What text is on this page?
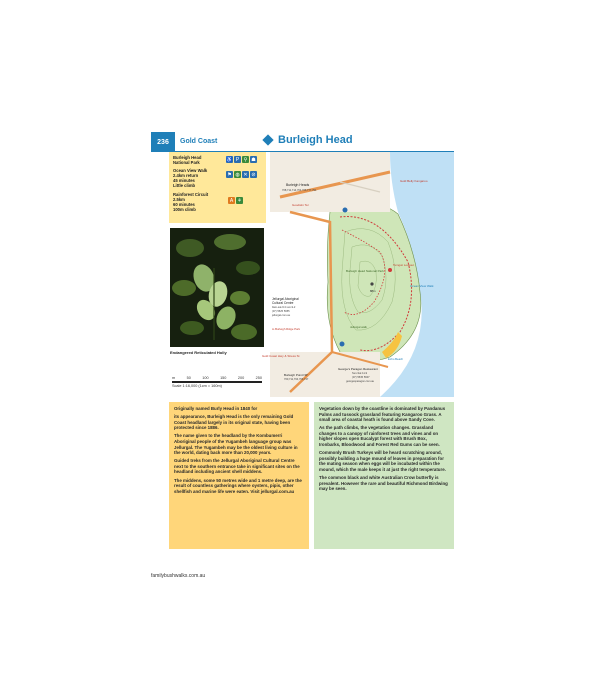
236	Gold Coast	Burleigh Head
Burleigh Head
National Park
Ocean View Walk
2.4km return
45 minutes
Little climb
Rainforest Circuit
2.5km
60 minutes
100m climb
♿ P ⚲ ☗
⚑ ◍ ✕ ⊘
A ⚘
Endangered Reticulated Holly
Burleigh Heads
708,711,714,764,766,777,791
Goodwin Ter
Gold Belly Kangaroo
Burleigh Head National Park
88m
Tumgun Lookout
Ocean View Walk
Jellurgal Aboriginal
Cultural Centre
9am-sat-9:4 sun-9-2
(07) 5525 5955
jellurgal.com.au
to Burleigh Ridge Park	Jellurgal walk
Gold Coast Hwy & Stress St
Burleigh Point NP
700,711,764,766,747
George's Paragon Restaurant
Sun-Sat 11-9
(07) 5535 5607
georgesparagon.com.au
Echo Beach
m	50	100	150	200	250
Scale 1:16,000 (1cm = 160m)
Originally named Burly Head in 1840 for
its appearance, Burleigh Head is the only remaining Gold Coast headland largely in its original state, having been protected since 1886.
The name given to the headland by the Kombumerri Aboriginal people of the Yugambeh language group was Jellurgal. The Yugambeh may be the oldest living culture in the world, dating back more than 20,000 years.
Guided treks from the Jellurgal Aboriginal Cultural Centre next to the southern entrance take in significant sites on the headland including ancient shell middens.
The middens, some 50 metres wide and 1 metre deep, are the result of countless gatherings where oysters, pipis, other shellfish and marine life were eaten. Visit jellurgal.com.au
Vegetation down by the coastline is dominated by Pandanus Palms and tussock grassland featuring Kangaroo Grass. A small area of coastal heath is found above Sandy Cove.
As the path climbs, the vegetation changes. Grassland changes to a canopy of rainforest trees and vines and on higher slopes open Eucalypt forest with Brush Box, Ironbarks, Bloodwood and Forest Red Gums can be seen.
Commonly Brush Turkeys will be heard scratching around, possibly building a huge mound of leaves in preparation for the mating season when eggs will be incubated within the mound, which the male keeps it at just the right temperature.
The common black and white Australian Crow butterfly is prevalent. However the rare and beautiful Richmond Birdwing may be seen.
familybushwalks.com.au
